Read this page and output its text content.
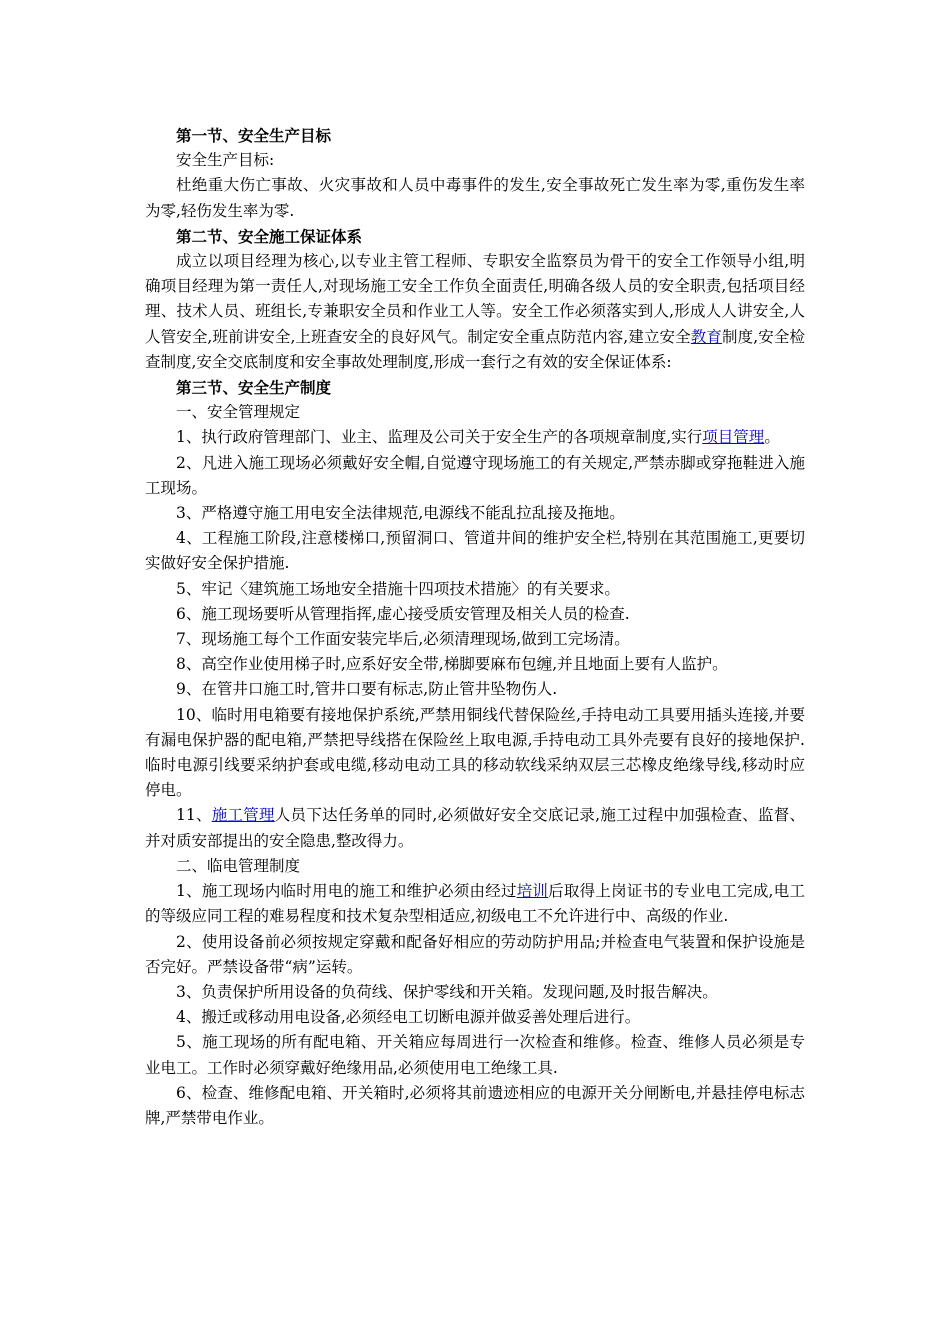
第一节、安全生产目标

安全生产目标:

杜绝重大伤亡事故、火灾事故和人员中毒事件的发生,安全事故死亡发生率为零,重伤发生率为零,轻伤发生率为零.

第二节、安全施工保证体系

成立以项目经理为核心,以专业主管工程师、专职安全监察员为骨干的安全工作领导小组,明确项目经理为第一责任人,对现场施工安全工作负全面责任,明确各级人员的安全职责,包括项目经理、技术人员、班组长,专兼职安全员和作业工人等。安全工作必须落实到人,形成人人讲安全,人人管安全,班前讲安全,上班查安全的良好风气。制定安全重点防范内容,建立安全教育制度,安全检查制度,安全交底制度和安全事故处理制度,形成一套行之有效的安全保证体系:

第三节、安全生产制度

一、安全管理规定

1、执行政府管理部门、业主、监理及公司关于安全生产的各项规章制度,实行项目管理。

2、凡进入施工现场必须戴好安全帽,自觉遵守现场施工的有关规定,严禁赤脚或穿拖鞋进入施工现场。

3、严格遵守施工用电安全法律规范,电源线不能乱拉乱接及拖地。

4、工程施工阶段,注意楼梯口,预留洞口、管道井间的维护安全栏,特别在其范围施工,更要切实做好安全保护措施.

5、牢记〈建筑施工场地安全措施十四项技术措施〉的有关要求。

6、施工现场要听从管理指挥,虚心接受质安管理及相关人员的检查.

7、现场施工每个工作面安装完毕后,必须清理现场,做到工完场清。

8、高空作业使用梯子时,应系好安全带,梯脚要麻布包缠,并且地面上要有人监护。

9、在管井口施工时,管井口要有标志,防止管井坠物伤人.

10、临时用电箱要有接地保护系统,严禁用铜线代替保险丝,手持电动工具要用插头连接,并要有漏电保护器的配电箱,严禁把导线搭在保险丝上取电源,手持电动工具外壳要有良好的接地保护.临时电源引线要采纳护套或电缆,移动电动工具的移动软线采纳双层三芯橡皮绝缘导线,移动时应停电。

11、施工管理人员下达任务单的同时,必须做好安全交底记录,施工过程中加强检查、监督、并对质安部提出的安全隐患,整改得力。

二、临电管理制度

1、施工现场内临时用电的施工和维护必须由经过培训后取得上岗证书的专业电工完成,电工的等级应同工程的难易程度和技术复杂型相适应,初级电工不允许进行中、高级的作业.

2、使用设备前必须按规定穿戴和配备好相应的劳动防护用品;并检查电气装置和保护设施是否完好。严禁设备带“病”运转。

3、负责保护所用设备的负荷线、保护零线和开关箱。发现问题,及时报告解决。

4、搬迁或移动用电设备,必须经电工切断电源并做妥善处理后进行。

5、施工现场的所有配电箱、开关箱应每周进行一次检查和维修。检查、维修人员必须是专业电工。工作时必须穿戴好绝缘用品,必须使用电工绝缘工具.

6、检查、维修配电箱、开关箱时,必须将其前遗迹相应的电源开关分闸断电,并悬挂停电标志牌,严禁带电作业。
